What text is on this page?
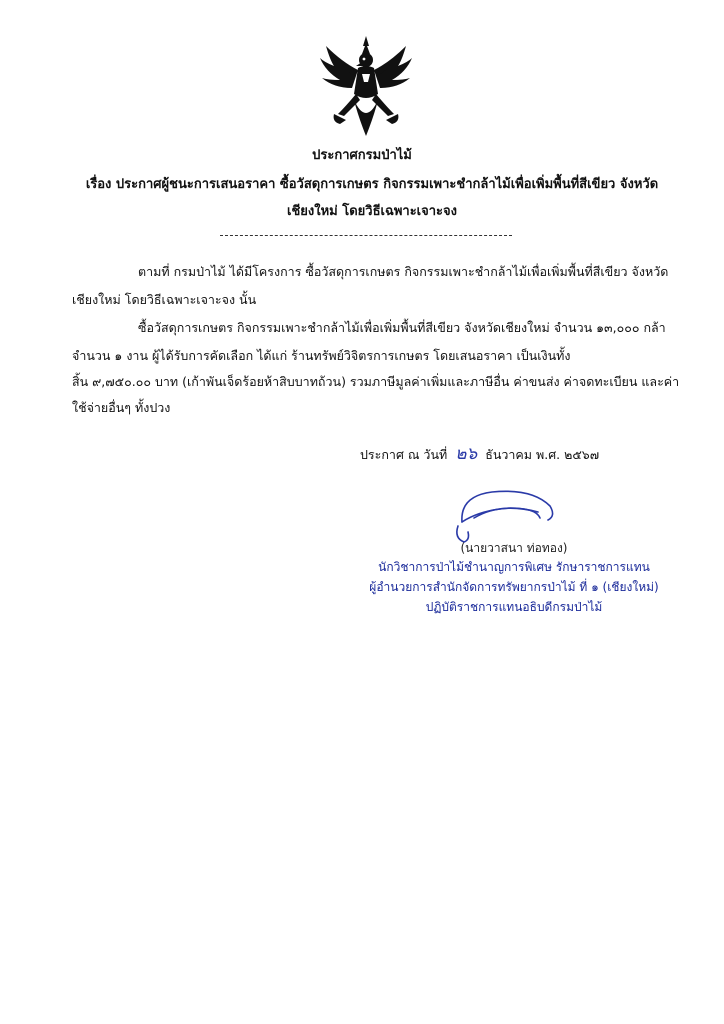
ประกาศกรมป่าไม้
เรื่อง ประกาศผู้ชนะการเสนอราคา ซื้อวัสดุการเกษตร กิจกรรมเพาะชำกล้าไม้เพื่อเพิ่มพื้นที่สีเขียว จังหวัด
เชียงใหม่ โดยวิธีเฉพาะเจาะจง
ตามที่ กรมป่าไม้ ได้มีโครงการ ซื้อวัสดุการเกษตร กิจกรรมเพาะชำกล้าไม้เพื่อเพิ่มพื้นที่สีเขียว จังหวัด
เชียงใหม่ โดยวิธีเฉพาะเจาะจง นั้น
ซื้อวัสดุการเกษตร กิจกรรมเพาะชำกล้าไม้เพื่อเพิ่มพื้นที่สีเขียว จังหวัดเชียงใหม่ จำนวน ๑๓,๐๐๐ กล้า
จำนวน ๑ งาน ผู้ได้รับการคัดเลือก ได้แก่ ร้านทรัพย์วิจิตรการเกษตร โดยเสนอราคา เป็นเงินทั้ง
สิ้น ๙,๗๕๐.๐๐ บาท (เก้าพันเจ็ดร้อยห้าสิบบาทถ้วน) รวมภาษีมูลค่าเพิ่มและภาษีอื่น ค่าขนส่ง ค่าจดทะเบียน และค่า
ใช้จ่ายอื่นๆ ทั้งปวง
ประกาศ ณ วันที่ ๒๖ ธันวาคม พ.ศ. ๒๕๖๗
(นายวาสนา ท่อทอง)
นักวิชาการป่าไม้ชำนาญการพิเศษ รักษาราชการแทน
ผู้อำนวยการสำนักจัดการทรัพยากรป่าไม้ ที่ ๑ (เชียงใหม่)
ปฏิบัติราชการแทนอธิบดีกรมป่าไม้
